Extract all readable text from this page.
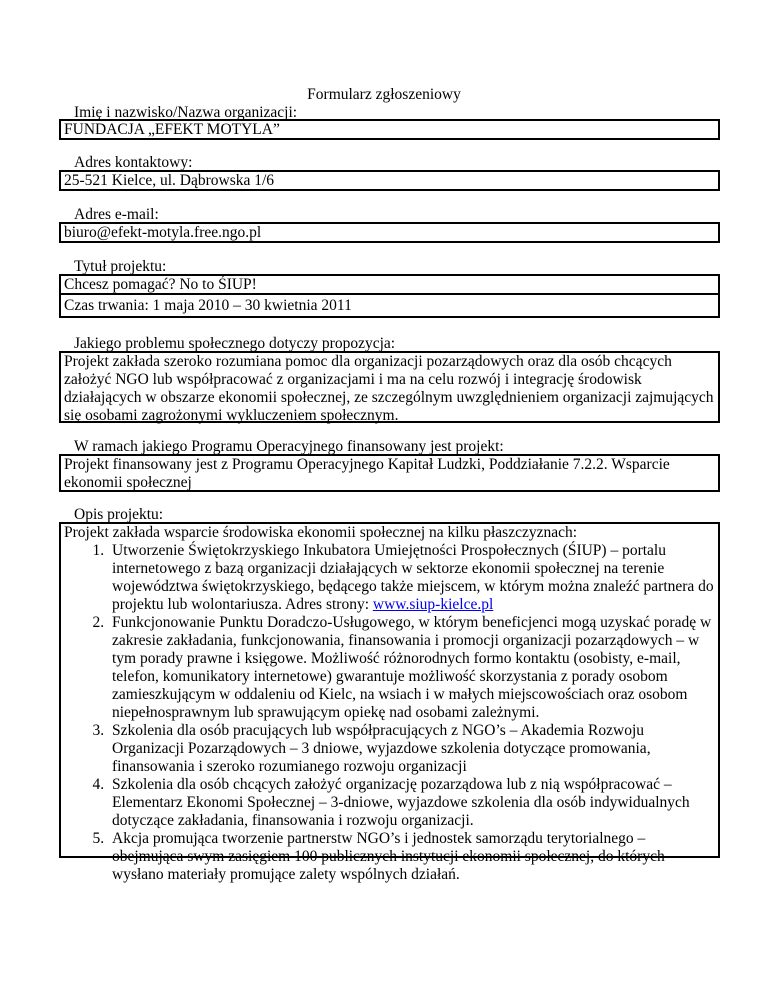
Formularz zgłoszeniowy
Imię i nazwisko/Nazwa organizacji:

FUNDACJA „EFEKT MOTYLA”

Adres kontaktowy:

25-521 Kielce, ul. Dąbrowska 1/6

Adres e-mail:

biuro@efekt-motyla.free.ngo.pl

Tytuł projektu:

Chcesz pomagać? No to ŚIUP!

Czas trwania: 1 maja 2010 – 30 kwietnia 2011

Jakiego problemu społecznego dotyczy propozycja:

Projekt zakłada szeroko rozumiana pomoc dla organizacji pozarządowych oraz dla osób chcących założyć NGO lub współpracować z organizacjami i ma na celu rozwój i integrację środowisk działających w obszarze ekonomii społecznej, ze szczególnym uwzględnieniem organizacji zajmujących się osobami zagrożonymi wykluczeniem społecznym.

W ramach jakiego Programu Operacyjnego finansowany jest projekt:

Projekt finansowany jest z Programu Operacyjnego Kapitał Ludzki, Poddziałanie 7.2.2. Wsparcie ekonomii społecznej

Opis projektu:

Projekt zakłada wsparcie środowiska ekonomii społecznej na kilku płaszczyznach:

1. Utworzenie Świętokrzyskiego Inkubatora Umiejętności Prospołecznych (ŚIUP) – portalu internetowego z bazą organizacji działających w sektorze ekonomii społecznej na terenie województwa świętokrzyskiego, będącego także miejscem, w którym można znaleźć partnera do projektu lub wolontariusza. Adres strony: www.siup-kielce.pl
2. Funkcjonowanie Punktu Doradczo-Usługowego, w którym beneficjenci mogą uzyskać poradę w zakresie zakładania, funkcjonowania, finansowania i promocji organizacji pozarządowych – w tym porady prawne i księgowe. Możliwość różnorodnych formo kontaktu (osobisty, e-mail, telefon, komunikatory internetowe) gwarantuje możliwość skorzystania z porady osobom zamieszkującym w oddaleniu od Kielc, na wsiach i w małych miejscowościach oraz osobom niepełnosprawnym lub sprawującym opiekę nad osobami zależnymi.
3. Szkolenia dla osób pracujących lub współpracujących z NGO’s – Akademia Rozwoju Organizacji Pozarządowych – 3 dniowe, wyjazdowe szkolenia dotyczące promowania, finansowania i szeroko rozumianego rozwoju organizacji
4. Szkolenia dla osób chcących założyć organizację pozarządowa lub z nią współpracować – Elementarz Ekonomi Społecznej – 3-dniowe, wyjazdowe szkolenia dla osób indywidualnych dotyczące zakładania, finansowania i rozwoju organizacji.
5. Akcja promująca tworzenie partnerstw NGO’s i jednostek samorządu terytorialnego – obejmująca swym zasięgiem 100 publicznych instytucji ekonomii społecznej, do których wysłano materiały promujące zalety wspólnych działań.
